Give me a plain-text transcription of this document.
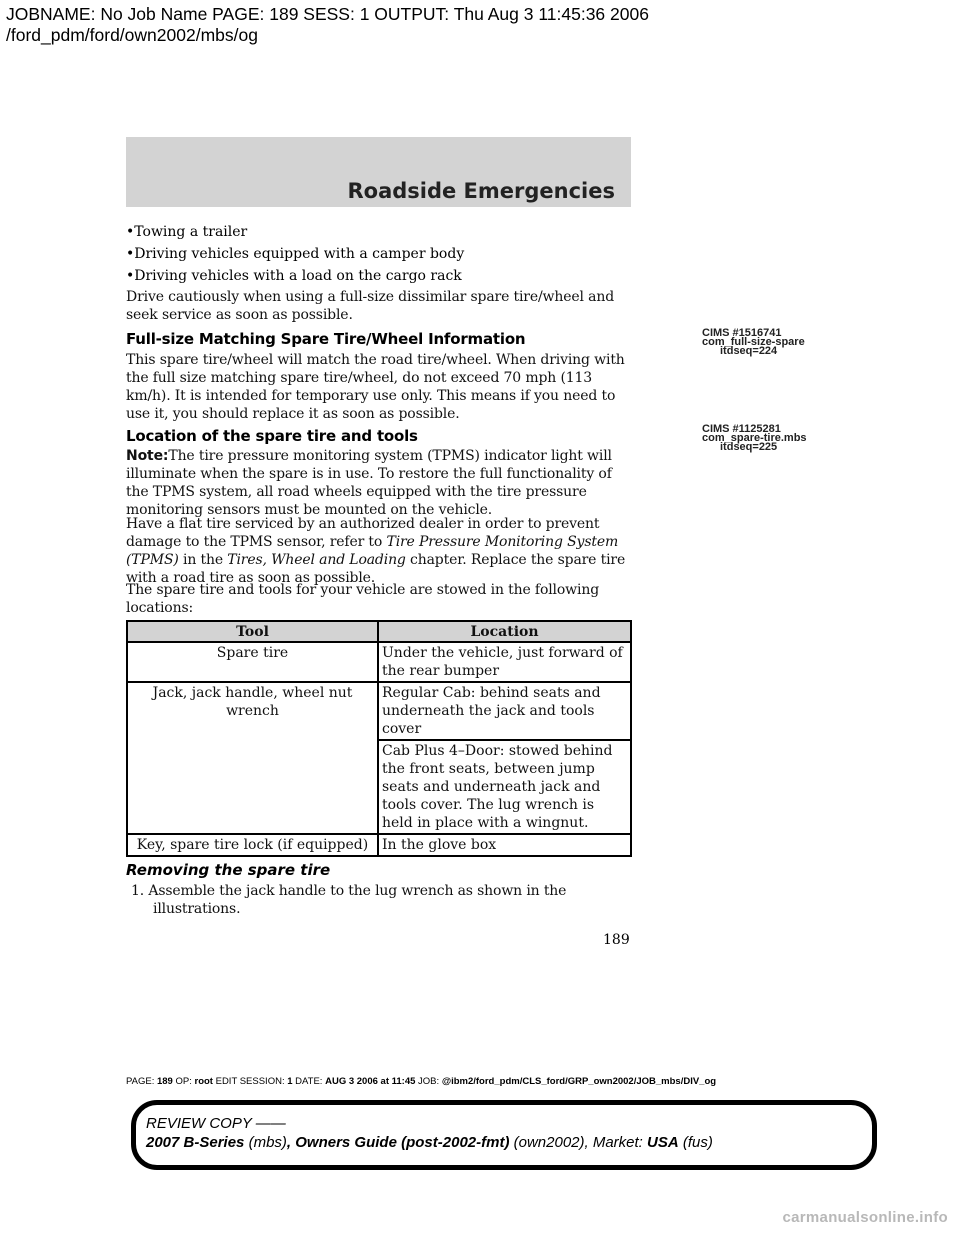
JOBNAME: No Job Name PAGE: 189 SESS: 1 OUTPUT: Thu Aug 3 11:45:36 2006
/ford_pdm/ford/own2002/mbs/og
Roadside Emergencies
•Towing a trailer
•Driving vehicles equipped with a camper body
•Driving vehicles with a load on the cargo rack
Drive cautiously when using a full-size dissimilar spare tire/wheel and seek service as soon as possible.
Full-size Matching Spare Tire/Wheel Information
This spare tire/wheel will match the road tire/wheel. When driving with the full size matching spare tire/wheel, do not exceed 70 mph (113 km/h). It is intended for temporary use only. This means if you need to use it, you should replace it as soon as possible.
CIMS #1516741
com_full-size-spare
itdseq=224
CIMS #1125281
com_spare-tire.mbs
itdseq=225
Location of the spare tire and tools
Note:The tire pressure monitoring system (TPMS) indicator light will illuminate when the spare is in use. To restore the full functionality of the TPMS system, all road wheels equipped with the tire pressure monitoring sensors must be mounted on the vehicle.
Have a flat tire serviced by an authorized dealer in order to prevent damage to the TPMS sensor, refer to Tire Pressure Monitoring System (TPMS) in the Tires, Wheel and Loading chapter. Replace the spare tire with a road tire as soon as possible.
The spare tire and tools for your vehicle are stowed in the following locations:
Tool	Location
Spare tire	Under the vehicle, just forward of the rear bumper
Jack, jack handle, wheel nut wrench	Regular Cab: behind seats and underneath the jack and tools cover
	Cab Plus 4–Door: stowed behind the front seats, between jump seats and underneath jack and tools cover. The lug wrench is held in place with a wingnut.
Key, spare tire lock (if equipped)	In the glove box
Removing the spare tire
1. Assemble the jack handle to the lug wrench as shown in the illustrations.
189
PAGE: 189 OP: root EDIT SESSION: 1 DATE: AUG 3 2006 at 11:45 JOB: @ibm2/ford_pdm/CLS_ford/GRP_own2002/JOB_mbs/DIV_og
REVIEW COPY ——
2007 B-Series (mbs), Owners Guide (post-2002-fmt) (own2002), Market: USA (fus)
carmanualsonline.info
